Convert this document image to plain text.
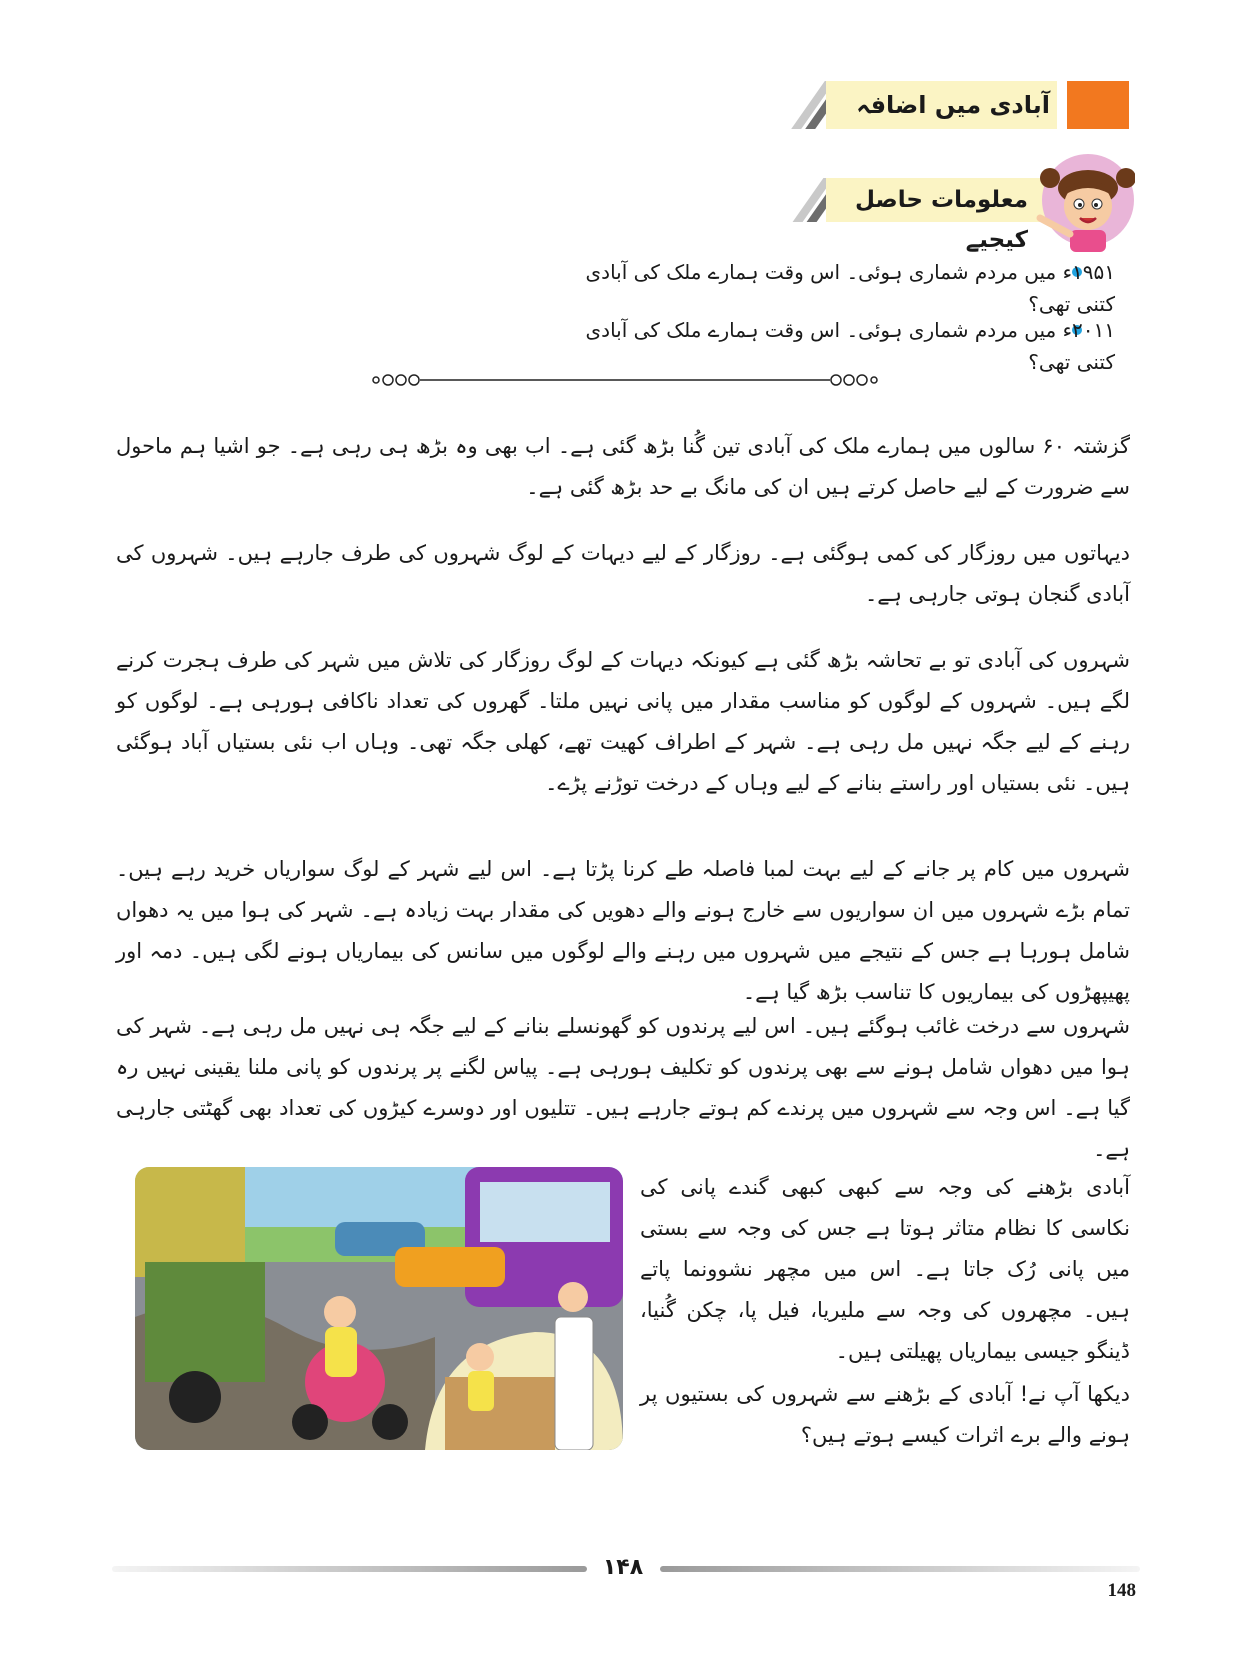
آبادی میں اضافہ
معلومات حاصل کیجیے
۱۹۵۱ء میں مردم شماری ہوئی۔ اس وقت ہمارے ملک کی آبادی کتنی تھی؟
۲۰۱۱ء میں مردم شماری ہوئی۔ اس وقت ہمارے ملک کی آبادی کتنی تھی؟
گزشتہ ۶۰ سالوں میں ہمارے ملک کی آبادی تین گُنا بڑھ گئی ہے۔ اب بھی وہ بڑھ ہی رہی ہے۔ جو اشیا ہم ماحول سے ضرورت کے لیے حاصل کرتے ہیں ان کی مانگ بے حد بڑھ گئی ہے۔
دیہاتوں میں روزگار کی کمی ہوگئی ہے۔ روزگار کے لیے دیہات کے لوگ شہروں کی طرف جارہے ہیں۔ شہروں کی آبادی گنجان ہوتی جارہی ہے۔
شہروں کی آبادی تو بے تحاشہ بڑھ گئی ہے کیونکہ دیہات کے لوگ روزگار کی تلاش میں شہر کی طرف ہجرت کرنے لگے ہیں۔ شہروں کے لوگوں کو مناسب مقدار میں پانی نہیں ملتا۔ گھروں کی تعداد ناکافی ہورہی ہے۔ لوگوں کو رہنے کے لیے جگہ نہیں مل رہی ہے۔ شہر کے اطراف کھیت تھے، کھلی جگہ تھی۔ وہاں اب نئی بستیاں آباد ہوگئی ہیں۔ نئی بستیاں اور راستے بنانے کے لیے وہاں کے درخت توڑنے پڑے۔
شہروں میں کام پر جانے کے لیے بہت لمبا فاصلہ طے کرنا پڑتا ہے۔ اس لیے شہر کے لوگ سواریاں خرید رہے ہیں۔ تمام بڑے شہروں میں ان سواریوں سے خارج ہونے والے دھویں کی مقدار بہت زیادہ ہے۔ شہر کی ہوا میں یہ دھواں شامل ہورہا ہے جس کے نتیجے میں شہروں میں رہنے والے لوگوں میں سانس کی بیماریاں ہونے لگی ہیں۔ دمہ اور پھیپھڑوں کی بیماریوں کا تناسب بڑھ گیا ہے۔
شہروں سے درخت غائب ہوگئے ہیں۔ اس لیے پرندوں کو گھونسلے بنانے کے لیے جگہ ہی نہیں مل رہی ہے۔ شہر کی ہوا میں دھواں شامل ہونے سے بھی پرندوں کو تکلیف ہورہی ہے۔ پیاس لگنے پر پرندوں کو پانی ملنا یقینی نہیں رہ گیا ہے۔ اس وجہ سے شہروں میں پرندے کم ہوتے جارہے ہیں۔ تتلیوں اور دوسرے کیڑوں کی تعداد بھی گھٹتی جارہی ہے۔
آبادی بڑھنے کی وجہ سے کبھی کبھی گندے پانی کی نکاسی کا نظام متاثر ہوتا ہے جس کی وجہ سے بستی میں پانی رُک جاتا ہے۔ اس میں مچھر نشوونما پاتے ہیں۔ مچھروں کی وجہ سے ملیریا، فیل پا، چکن گُنیا، ڈینگو جیسی بیماریاں پھیلتی ہیں۔
دیکھا آپ نے! آبادی کے بڑھنے سے شہروں کی بستیوں پر ہونے والے برے اثرات کیسے ہوتے ہیں؟
۱۴۸
148
